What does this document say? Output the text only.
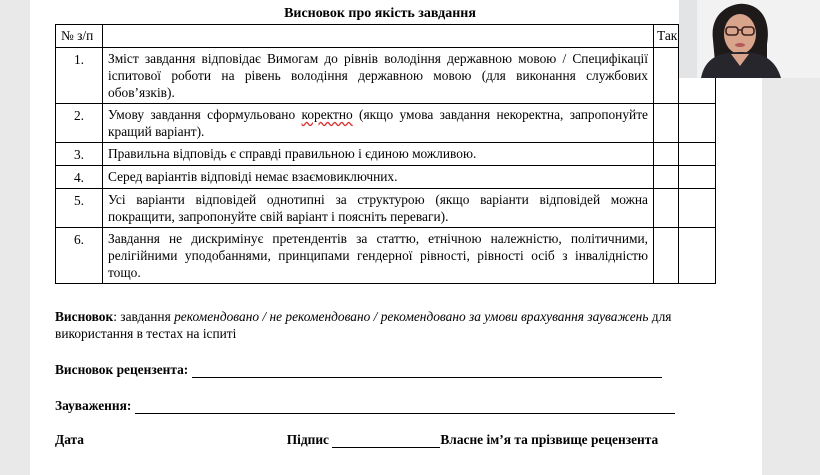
Висновок про якість завдання
№ з/п		Так	
1.	Зміст завдання відповідає Вимогам до рівнів володіння державною мовою / Специфікації іспитової роботи на рівень володіння державною мовою (для виконання службових обов’язків).		
2.	Умову завдання сформульовано коректно (якщо умова завдання некоректна, запропонуйте кращий варіант).		
3.	Правильна відповідь є справді правильною і єдиною можливою.		
4.	Серед варіантів відповіді немає взаємовиключних.		
5.	Усі варіанти відповідей однотипні за структурою (якщо варіанти відповідей можна покращити, запропонуйте свій варіант і поясніть переваги).		
6.	Завдання не дискримінує претендентів за статтю, етнічною належністю, політичними, релігійними уподобаннями, принципами гендерної рівності, рівності осіб з інвалідністю тощо.		
Висновок: завдання рекомендовано / не рекомендовано / рекомендовано за умови врахування зауважень для використання в тестах на іспиті
Висновок рецензента:
Зауваження:
Дата	Підпис	Власне ім’я та прізвище рецензента
